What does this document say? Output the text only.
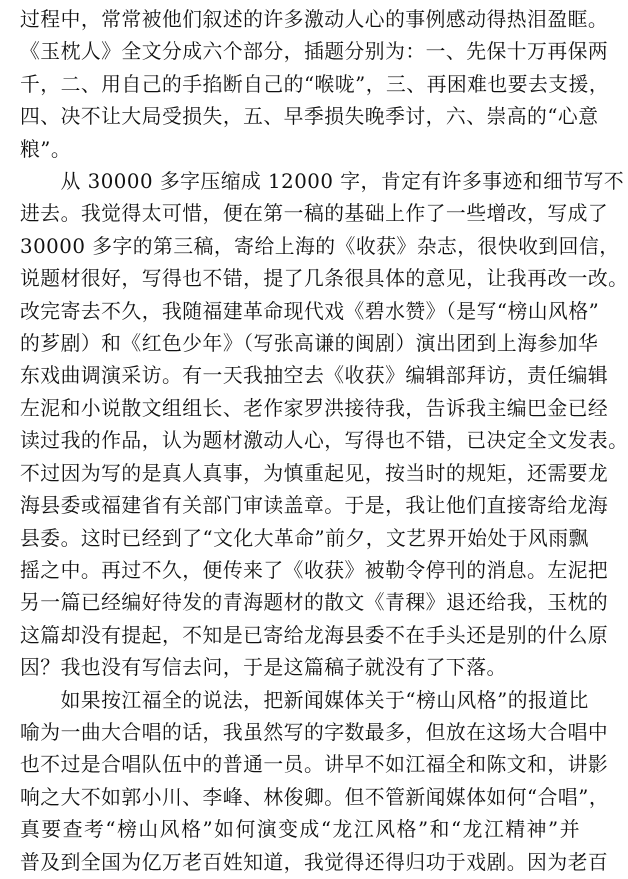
过程中，常常被他们叙述的许多激动人心的事例感动得热泪盈眶。
《玉枕人》全文分成六个部分，插题分别为：一、先保十万再保两
千，二、用自己的手掐断自己的“喉咙”，三、再困难也要去支援，
四、决不让大局受损失，五、早季损失晚季讨，六、崇高的“心意
粮”。
　　从 30000 多字压缩成 12000 字，肯定有许多事迹和细节写不
进去。我觉得太可惜，便在第一稿的基础上作了一些增改，写成了
30000 多字的第三稿，寄给上海的《收获》杂志，很快收到回信，
说题材很好，写得也不错，提了几条很具体的意见，让我再改一改。
改完寄去不久，我随福建革命现代戏《碧水赞》（是写“榜山风格”
的芗剧）和《红色少年》（写张高谦的闽剧）演出团到上海参加华
东戏曲调演采访。有一天我抽空去《收获》编辑部拜访，责任编辑
左泥和小说散文组组长、老作家罗洪接待我，告诉我主编巴金已经
读过我的作品，认为题材激动人心，写得也不错，已决定全文发表。
不过因为写的是真人真事，为慎重起见，按当时的规矩，还需要龙
海县委或福建省有关部门审读盖章。于是，我让他们直接寄给龙海
县委。这时已经到了“文化大革命”前夕，文艺界开始处于风雨飘
摇之中。再过不久，便传来了《收获》被勒令停刊的消息。左泥把
另一篇已经编好待发的青海题材的散文《青稞》退还给我，玉枕的
这篇却没有提起，不知是已寄给龙海县委不在手头还是别的什么原
因？我也没有写信去问，于是这篇稿子就没有了下落。
　　如果按江福全的说法，把新闻媒体关于“榜山风格”的报道比
喻为一曲大合唱的话，我虽然写的字数最多，但放在这场大合唱中
也不过是合唱队伍中的普通一员。讲早不如江福全和陈文和，讲影
响之大不如郭小川、李峰、林俊卿。但不管新闻媒体如何“合唱”，
真要查考“榜山风格”如何演变成“龙江风格”和“龙江精神”并
普及到全国为亿万老百姓知道，我觉得还得归功于戏剧。因为老百
